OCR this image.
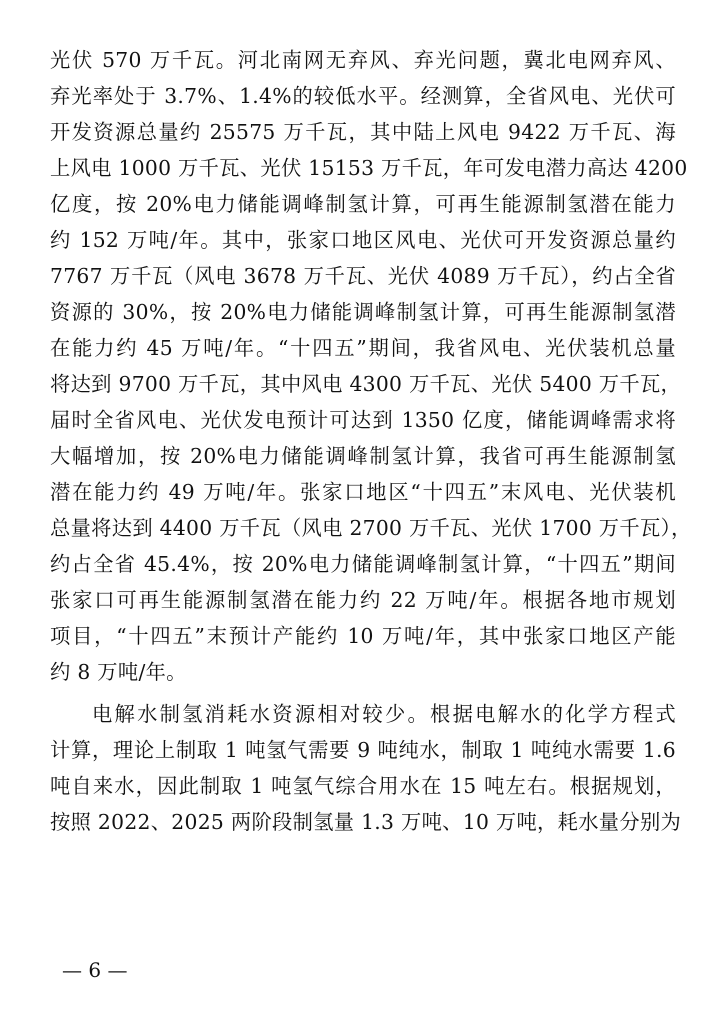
光伏 570 万千瓦。河北南网无弃风、弃光问题，冀北电网弃风、
弃光率处于 3.7%、1.4%的较低水平。经测算，全省风电、光伏可
开发资源总量约 25575 万千瓦，其中陆上风电 9422 万千瓦、海
上风电 1000 万千瓦、光伏 15153 万千瓦，年可发电潜力高达 4200
亿度，按 20%电力储能调峰制氢计算，可再生能源制氢潜在能力
约 152 万吨/年。其中，张家口地区风电、光伏可开发资源总量约
7767 万千瓦（风电 3678 万千瓦、光伏 4089 万千瓦），约占全省
资源的 30%，按 20%电力储能调峰制氢计算，可再生能源制氢潜
在能力约 45 万吨/年。“十四五”期间，我省风电、光伏装机总量
将达到 9700 万千瓦，其中风电 4300 万千瓦、光伏 5400 万千瓦，
届时全省风电、光伏发电预计可达到 1350 亿度，储能调峰需求将
大幅增加，按 20%电力储能调峰制氢计算，我省可再生能源制氢
潜在能力约 49 万吨/年。张家口地区“十四五”末风电、光伏装机
总量将达到 4400 万千瓦（风电 2700 万千瓦、光伏 1700 万千瓦），
约占全省 45.4%，按 20%电力储能调峰制氢计算，“十四五”期间
张家口可再生能源制氢潜在能力约 22 万吨/年。根据各地市规划
项目，“十四五”末预计产能约 10 万吨/年，其中张家口地区产能
约 8 万吨/年。
电解水制氢消耗水资源相对较少。根据电解水的化学方程式
计算，理论上制取 1 吨氢气需要 9 吨纯水，制取 1 吨纯水需要 1.6
吨自来水，因此制取 1 吨氢气综合用水在 15 吨左右。根据规划，
按照 2022、2025 两阶段制氢量 1.3 万吨、10 万吨，耗水量分别为
— 6 —
